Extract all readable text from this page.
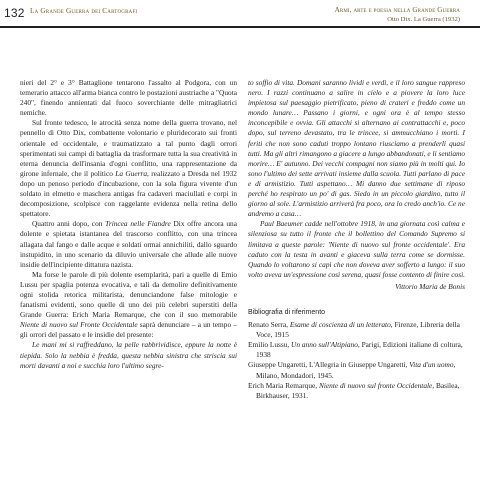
132 La Grande Guerra dei Cartografi	Armi, arte e poesia nella Grande Guerra
Otto Dix. La Guerra (1932)

nieri del 2° e 3° Battaglione tentarono l'assalto al Podgora, con un temerario attacco all'arma bianca contro le postazioni austriache a "Quota 240", finendo annientati dal fuoco soverchiante delle mitragliatrici nemiche.

Sul fronte tedesco, le atrocità senza nome della guerra trovano, nel pennello di Otto Dix, combattente volontario e pluridecorato sui fronti orientale ed occidentale, e traumatizzato a tal punto dagli orrori sperimentati sui campi di battaglia da trasformare tutta la sua creatività in eterna denuncia dell'insania d'ogni conflitto, una rappresentazione da girone infernale, che il politico La Guerra, realizzato a Dresda nel 1932 dopo un penoso periodo d'incubazione, con la sola figura vivente d'un soldato in elmetto e maschera antigas fra cadaveri maciullati e corpi in decomposizione, scolpisce con raggelante evidenza nella retina dello spettatore.

Quattro anni dopo, con Trincea nelle Fiandre Dix offre ancora una dolente e spietata istantanea del trascorso conflitto, con una trincea allagata dal fango e dalle acque e soldati ormai annichiliti, dallo sguardo instupidito, in uno scenario da diluvio universale che allude alle nuove insidie dell'incipiente dittatura nazista.

Ma forse le parole di più dolente esemplarità, pari a quelle di Emio Lussu per spaglia potenza evocativa, e tali da demolire definitivamente ogni stolida retorica militarista, denunciandone false mitologie e fanatismi evidenti, sono quelle di uno dei più celebri superstiti della Grande Guerra: Erich Maria Remarque, che con il suo memorabile Niente di nuovo sul Fronte Occidentale saprà denunciare – a un tempo – gli orrori del passato e le insidie del presente:

Le mani mi si raffreddano, la pelle rabbrividisce, eppure la notte è tiepida. Solo la nebbia è fredda, questa nebbia sinistra che striscia sui morti davanti a noi e succhia loro l'ultimo segre-

to soffio di vita. Domani saranno lividi e verdi, e il loro sangue rappreso nero. I razzi continuano a salire in cielo e a piovere la loro luce impietosa sul paesaggio pietrificato, pieno di crateri e freddo come un mondo lunare… Passano i giorni, e ogni ora è al tempo stesso inconcepibile e ovvia. Gli attacchi si alternano ai contrattacchi e, poco dopo, sul terreno devastato, tra le trincee, si ammucchiano i morti. I feriti che non sono caduti troppo lontano riusciamo a prenderli quasi tutti. Ma gli altri rimangono a giacere a lungo abbandonati, e li sentiamo morire… E' autunno. Dei vecchi compagni non siamo più in molti qui. Io sono l'ultimo dei sette arrivati insieme dalla scuola. Tutti parlano di pace e di armistizio. Tutti aspettano… Mi danno due settimane di riposo perché ho respirato un po' di gas. Siedo in un piccolo giardino, tutto il giorno al sole. L'armistizio arriverà fra poco, ora lo credo anch'io. Ce ne andremo a casa…

Paul Baeumer cadde nell'ottobre 1918, in una giornata così calma e silenziosa su tutto il fronte che il bollettino del Comando Supremo si limitava a queste parole: 'Niente di nuovo sul fronte occidentale'. Era caduto con la testa in avanti e giaceva sulla terra come se dormisse. Quando lo voltarono si capì che non doveva aver sofferto a lungo: il suo volto aveva un'espressione così serena, quasi fosse contento di finire così.

Vittorio Maria de Bonis

Bibliografia di riferimento

Renato Serra, Esame di coscienza di un letterato, Firenze, Libreria della Voce, 1915

Emilio Lussu, Un anno sull'Altipiano, Parigi, Edizioni italiane di coltura, 1938

Giuseppe Ungaretti, L'Allegria in Giuseppe Ungaretti, Vita d'un uomo, Milano, Mondadori, 1945.

Erich Maria Remarque, Niente di nuovo sul fronte Occidentale, Basilea, Birkhauser, 1931.
